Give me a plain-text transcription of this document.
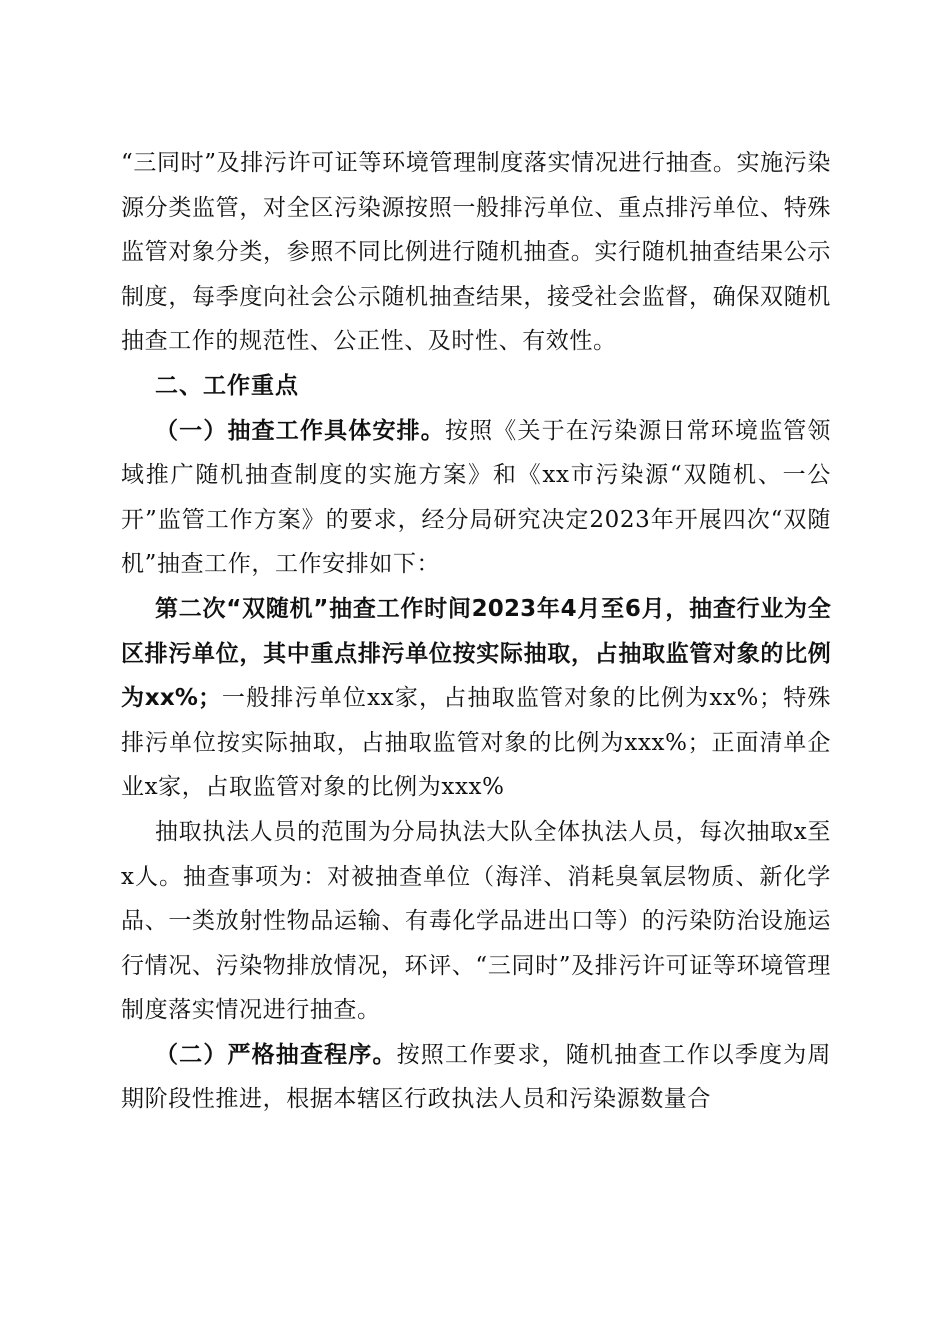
“三同时”及排污许可证等环境管理制度落实情况进行抽查。实施污染源分类监管，对全区污染源按照一般排污单位、重点排污单位、特殊监管对象分类，参照不同比例进行随机抽查。实行随机抽查结果公示制度，每季度向社会公示随机抽查结果，接受社会监督，确保双随机抽查工作的规范性、公正性、及时性、有效性。

二、工作重点

（一）抽查工作具体安排。按照《关于在污染源日常环境监管领域推广随机抽查制度的实施方案》和《xx市污染源“双随机、一公开”监管工作方案》的要求，经分局研究决定2023年开展四次“双随机”抽查工作，工作安排如下：

第二次“双随机”抽查工作时间2023年4月至6月，抽查行业为全区排污单位，其中重点排污单位按实际抽取，占抽取监管对象的比例为xx%；一般排污单位xx家，占抽取监管对象的比例为xx%；特殊排污单位按实际抽取，占抽取监管对象的比例为xxx%；正面清单企业x家，占取监管对象的比例为xxx%

抽取执法人员的范围为分局执法大队全体执法人员，每次抽取x至x人。抽查事项为：对被抽查单位（海洋、消耗臭氧层物质、新化学品、一类放射性物品运输、有毒化学品进出口等）的污染防治设施运行情况、污染物排放情况，环评、“三同时”及排污许可证等环境管理制度落实情况进行抽查。

（二）严格抽查程序。按照工作要求，随机抽查工作以季度为周期阶段性推进，根据本辖区行政执法人员和污染源数量合
